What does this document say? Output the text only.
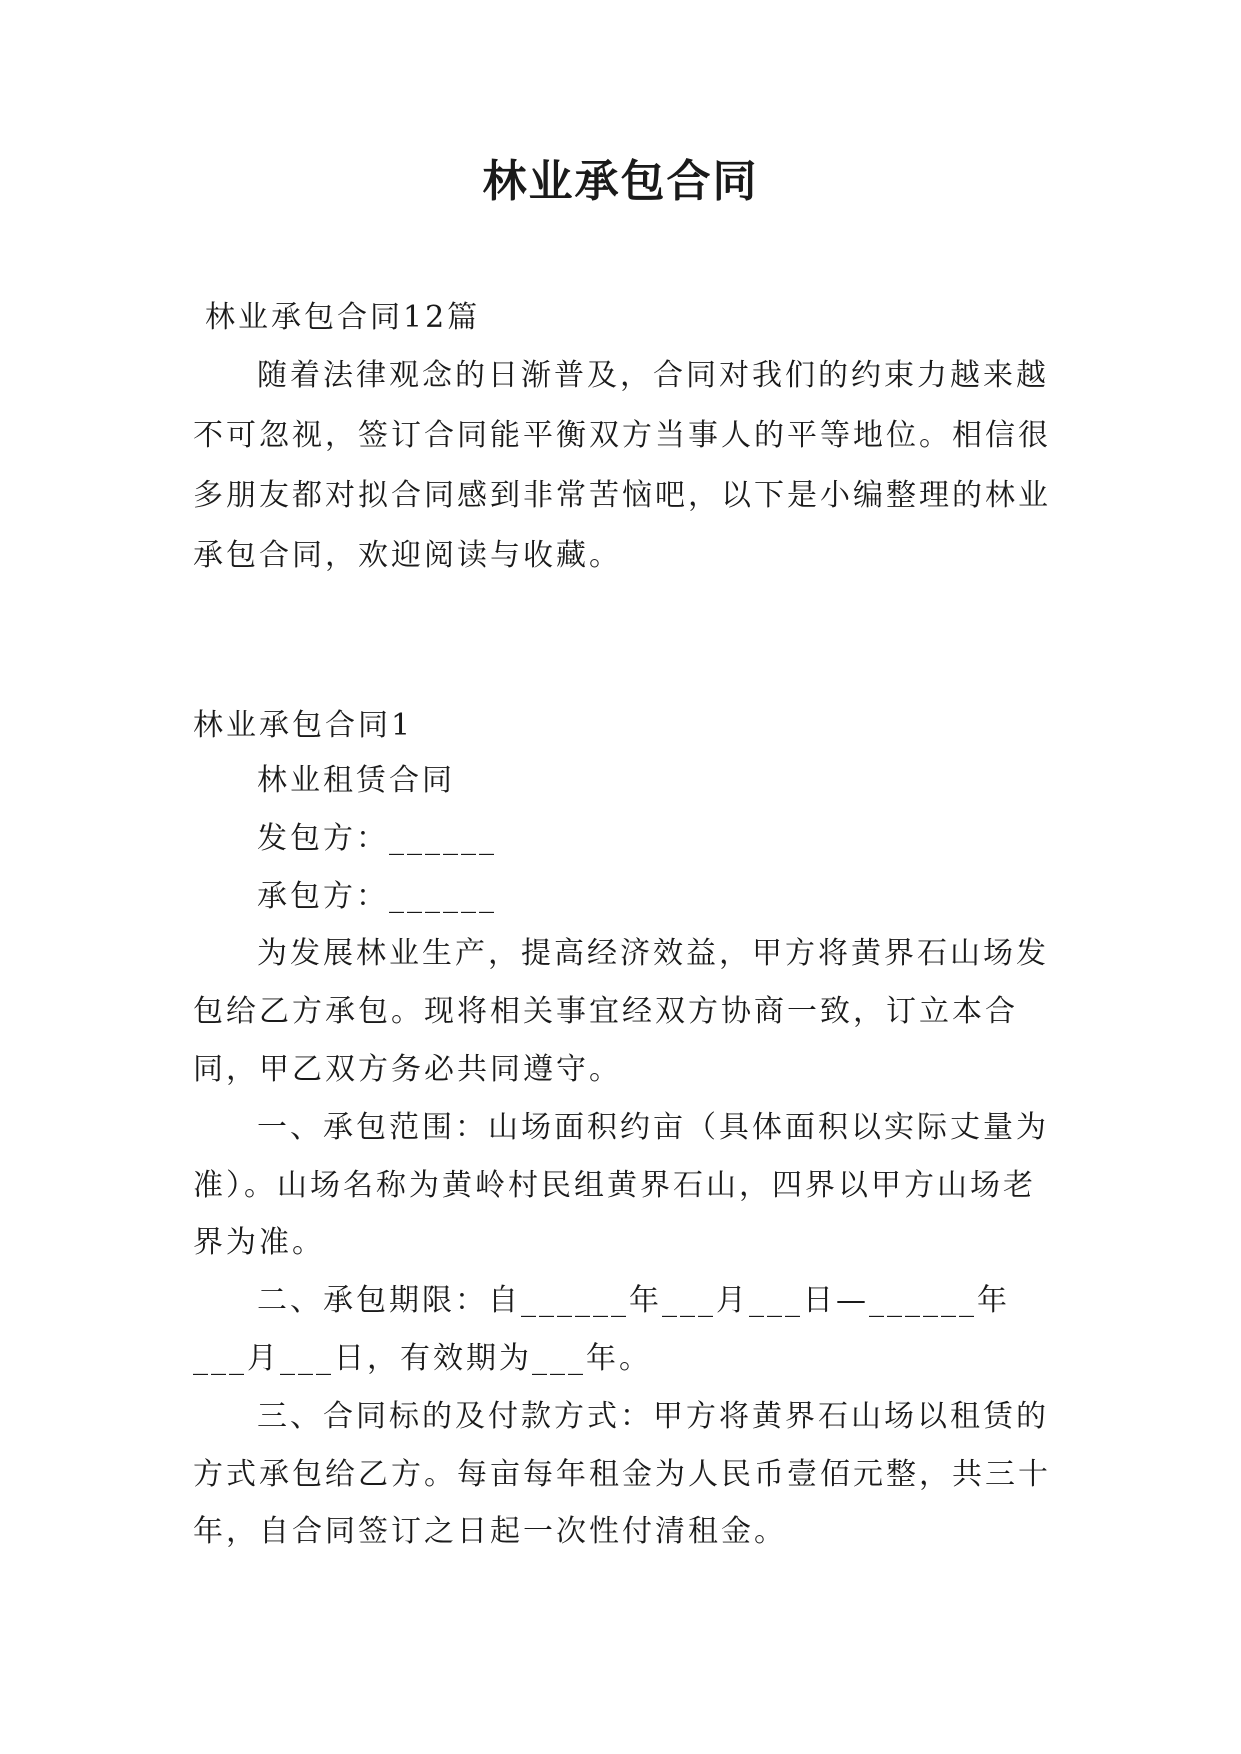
林业承包合同

林业承包合同12篇

随着法律观念的日渐普及，合同对我们的约束力越来越不可忽视，签订合同能平衡双方当事人的平等地位。相信很多朋友都对拟合同感到非常苦恼吧，以下是小编整理的林业承包合同，欢迎阅读与收藏。

林业承包合同1

林业租赁合同

发包方：______

承包方：______

为发展林业生产，提高经济效益，甲方将黄界石山场发包给乙方承包。现将相关事宜经双方协商一致，订立本合同，甲乙双方务必共同遵守。

一、承包范围：山场面积约亩（具体面积以实际丈量为准）。山场名称为黄岭村民组黄界石山，四界以甲方山场老界为准。

二、承包期限：自______年___月___日—______年___月___日，有效期为___年。

三、合同标的及付款方式：甲方将黄界石山场以租赁的方式承包给乙方。每亩每年租金为人民币壹佰元整，共三十年，自合同签订之日起一次性付清租金。
